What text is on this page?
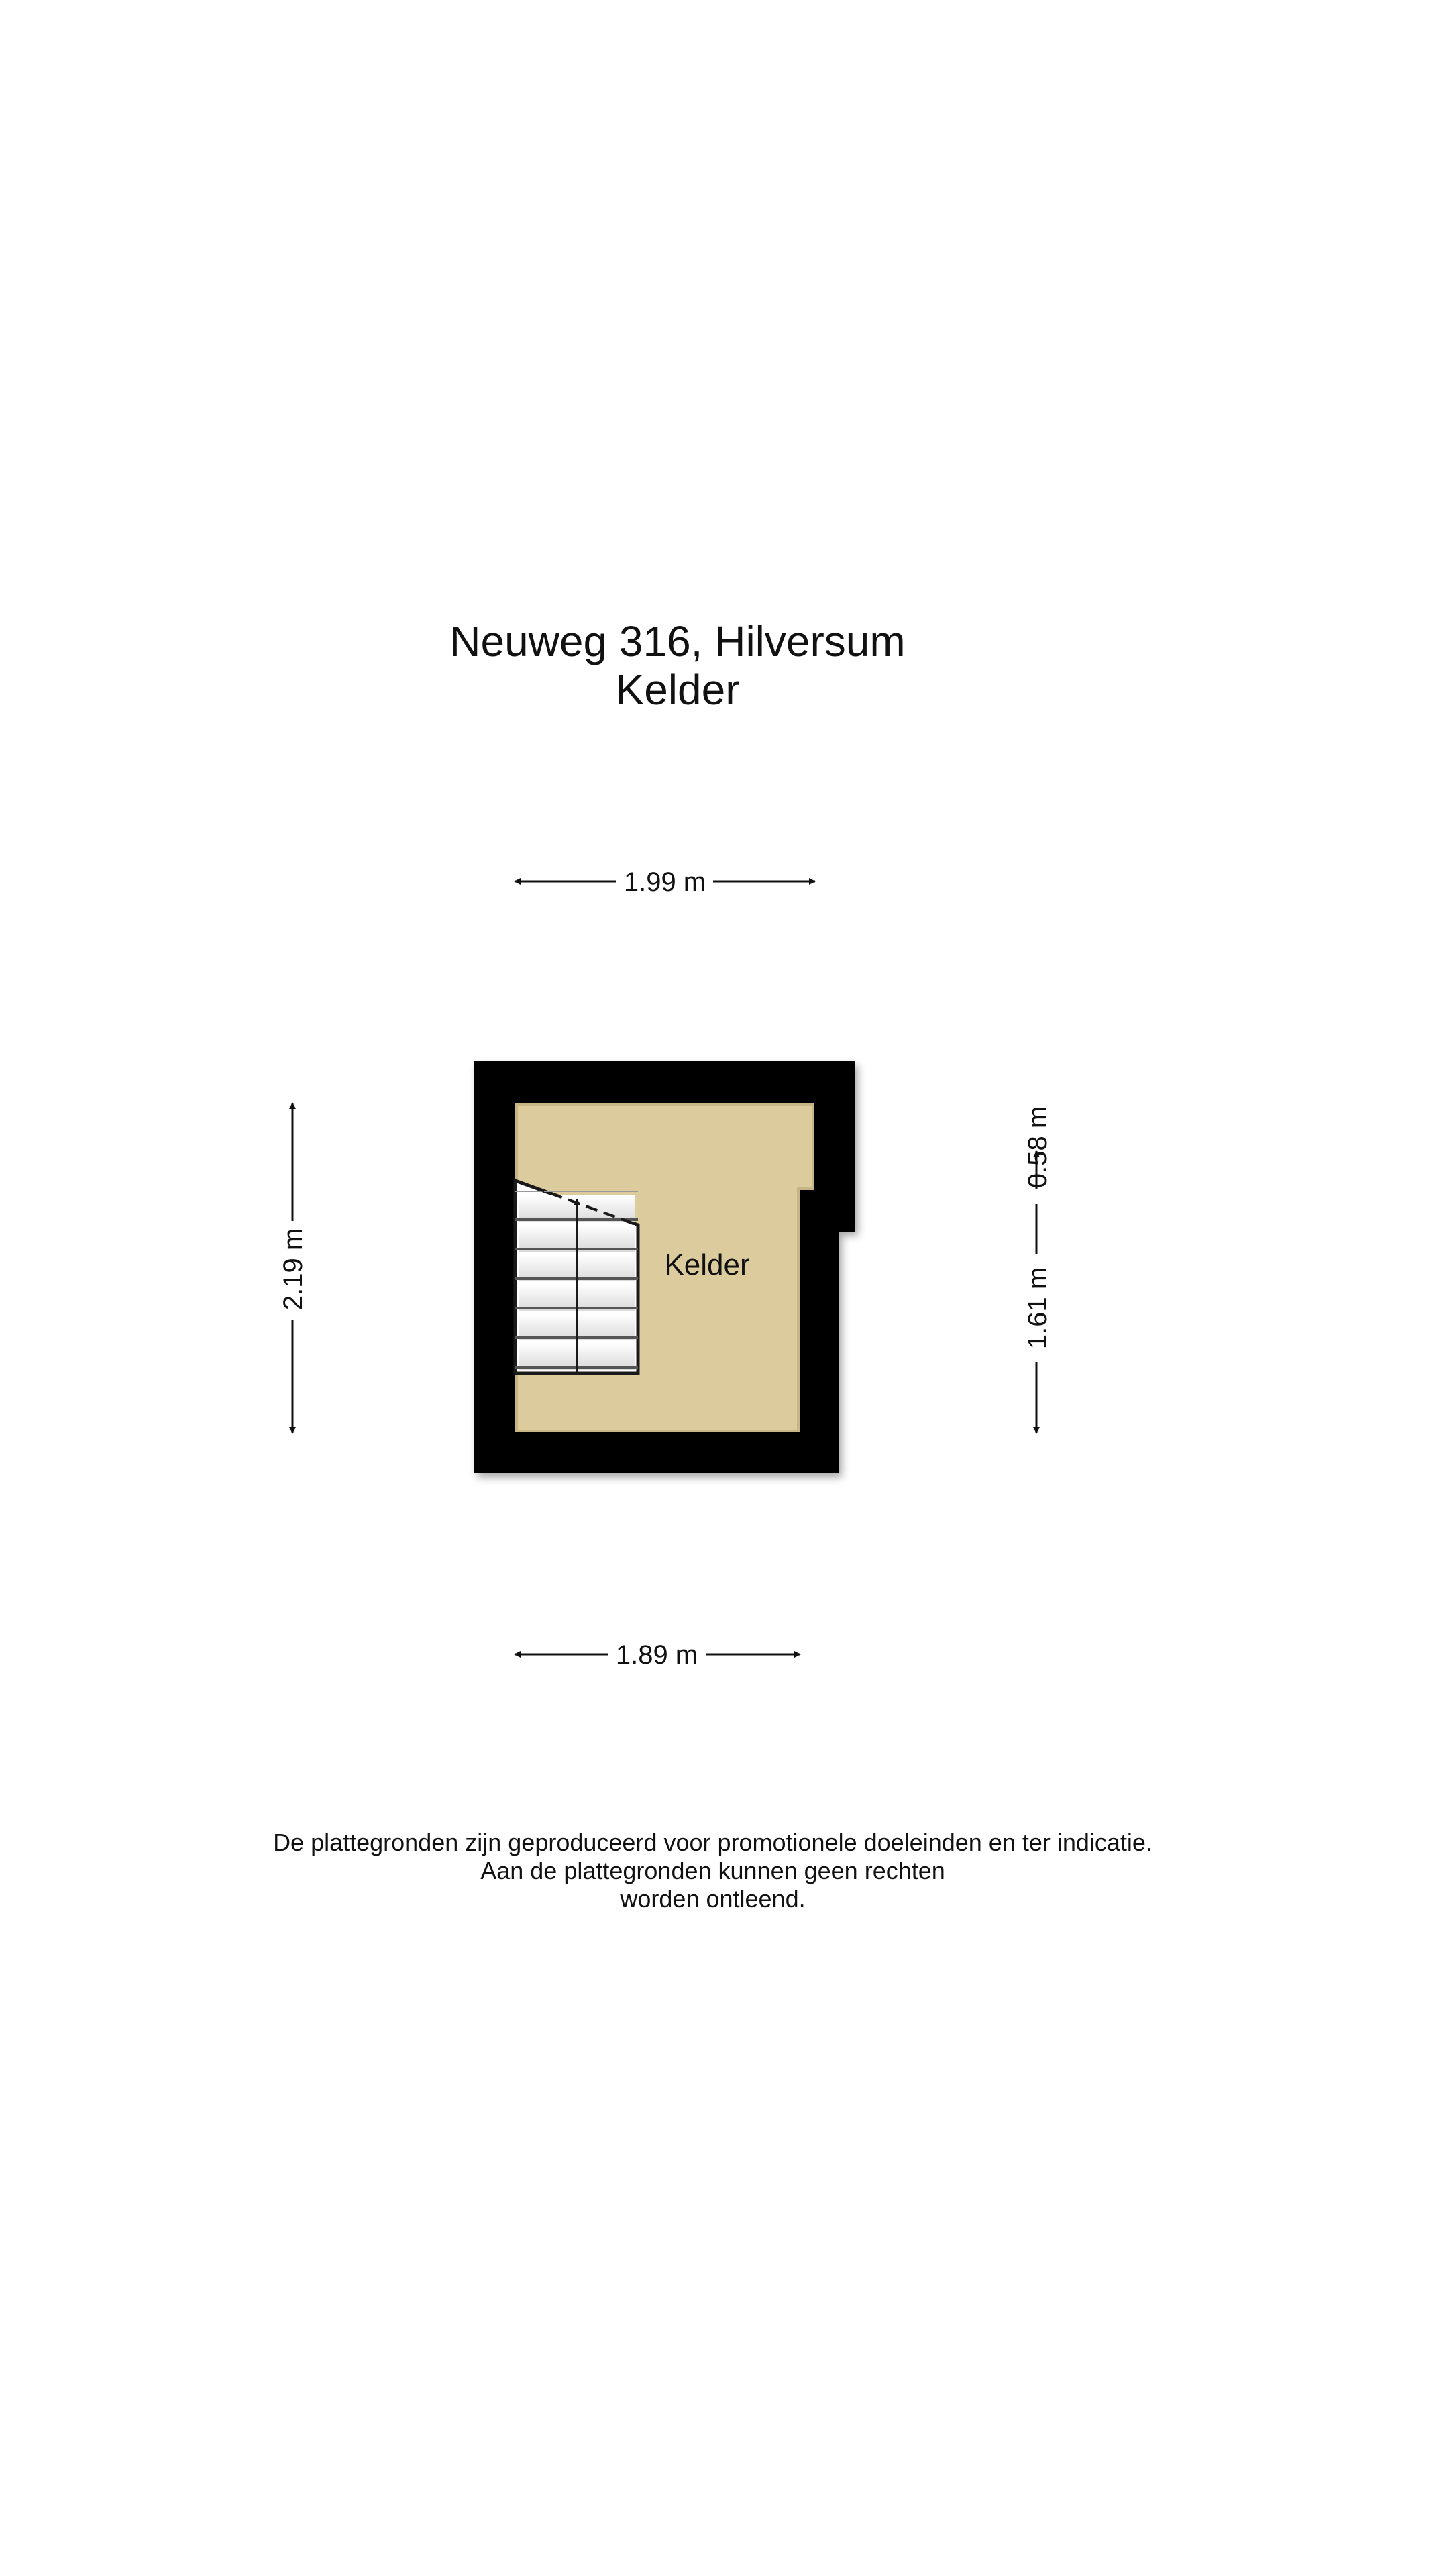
Neuweg 316, Hilversum
Kelder
1.99 m
Kelder
2.19 m
0.58 m
1.61 m
1.89 m
De plattegronden zijn geproduceerd voor promotionele doeleinden en ter indicatie.
Aan de plattegronden kunnen geen rechten
worden ontleend.
